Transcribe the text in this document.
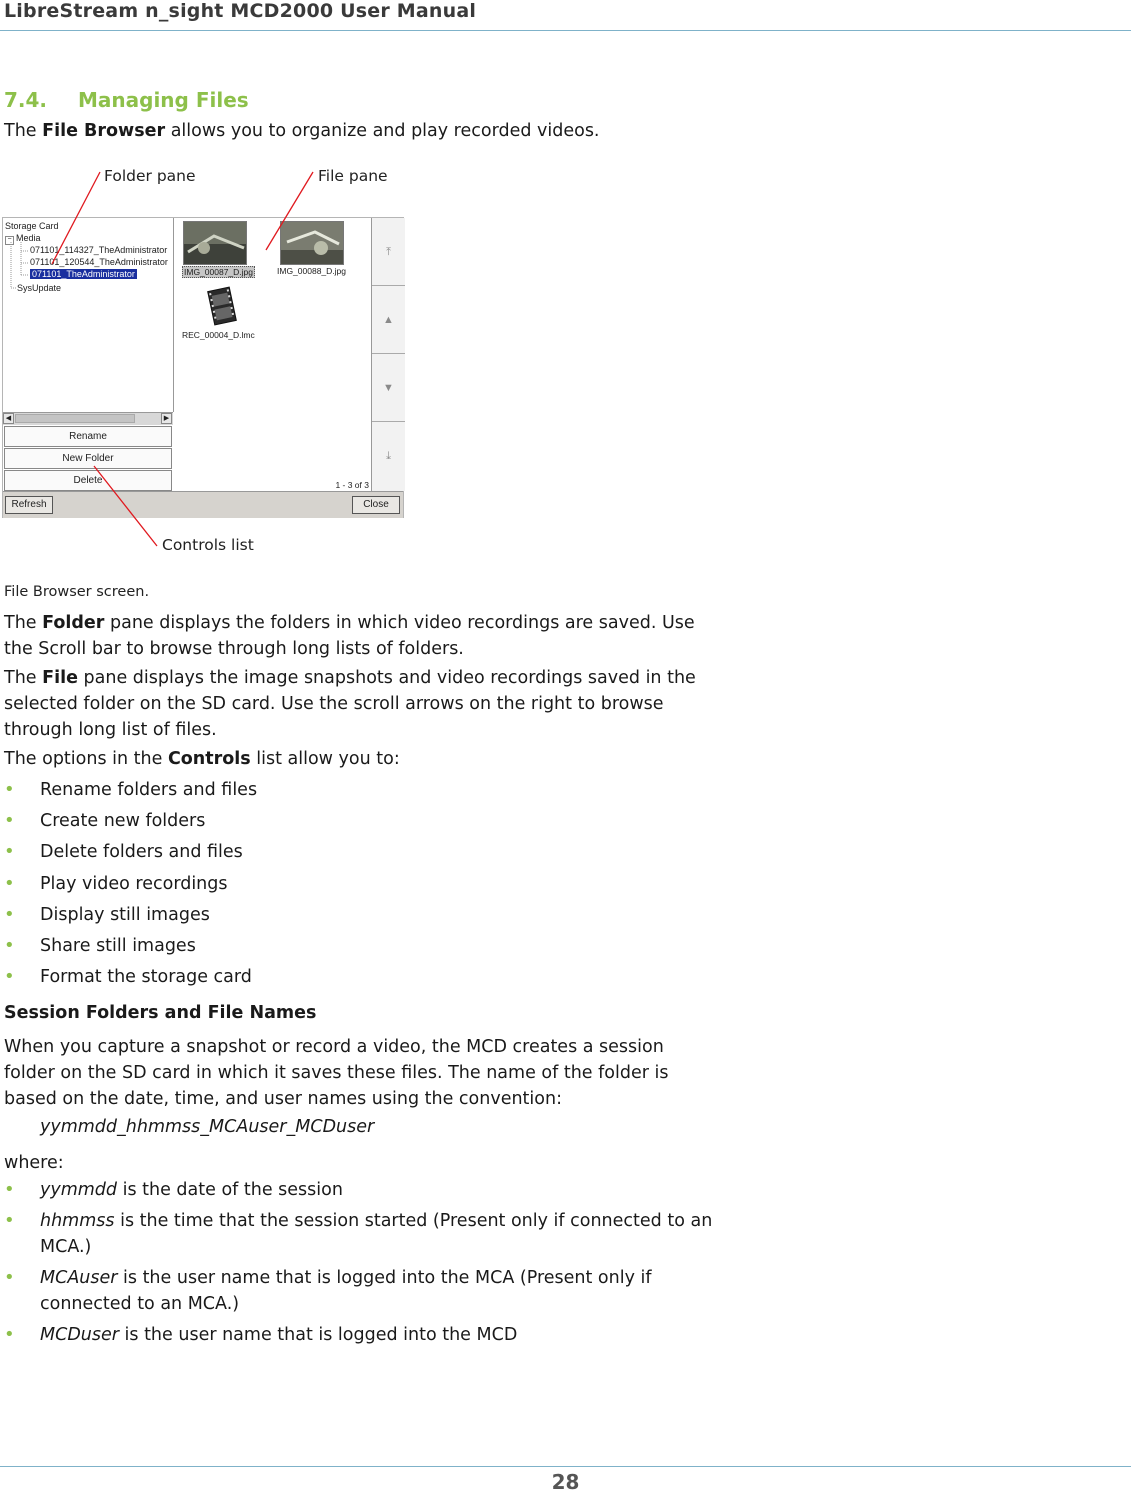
LibreStream n_sight MCD2000 User Manual
7.4. Managing Files
The File Browser allows you to organize and play recorded videos.
Folder pane	File pane
Controls list
Storage Card
− Media
071101_114327_TheAdministrator
071101_120544_TheAdministrator
071101_TheAdministrator
SysUpdate
◀	▶
Rename
New Folder
Delete
IMG_00087_D.jpg	IMG_00088_D.jpg
REC_00004_D.lmc
1 - 3 of 3
⤒
▲
▼
⤓
Refresh	Close
File Browser screen.
The Folder pane displays the folders in which video recordings are saved. Use the Scroll bar to browse through long lists of folders.
The File pane displays the image snapshots and video recordings saved in the selected folder on the SD card. Use the scroll arrows on the right to browse through long list of files.
The options in the Controls list allow you to:
• Rename folders and files
• Create new folders
• Delete folders and files
• Play video recordings
• Display still images
• Share still images
• Format the storage card
Session Folders and File Names
When you capture a snapshot or record a video, the MCD creates a session folder on the SD card in which it saves these files. The name of the folder is based on the date, time, and user names using the convention:
yymmdd_hhmmss_MCAuser_MCDuser
where:
• yymmdd is the date of the session
• hhmmss is the time that the session started (Present only if connected to an MCA.)
• MCAuser is the user name that is logged into the MCA (Present only if connected to an MCA.)
• MCDuser is the user name that is logged into the MCD
28
